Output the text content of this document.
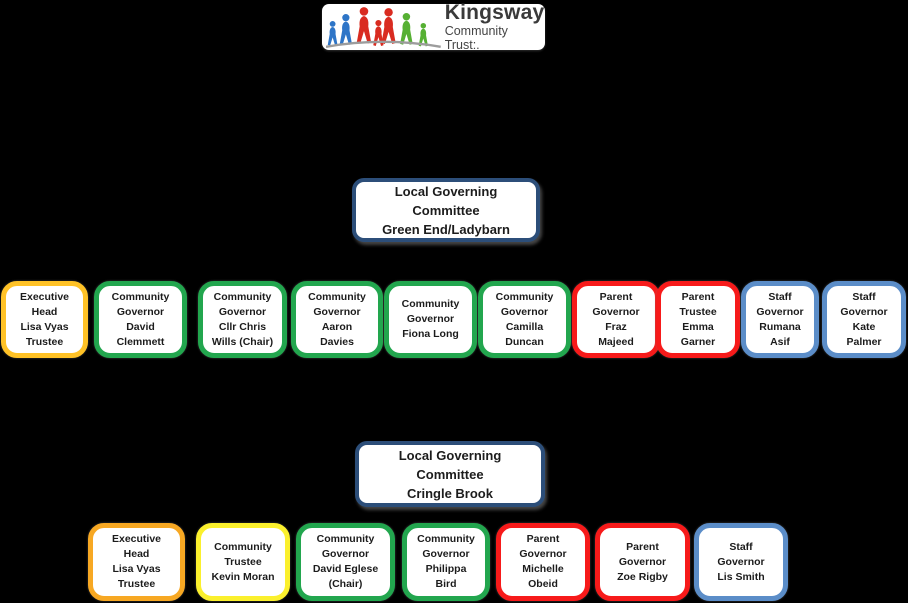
Kingsway
Community Trust:.
Local Governing
Committee
Green End/Ladybarn
Executive
Head
Lisa Vyas
Trustee
Community
Governor
David
Clemmett
Community
Governor
Cllr Chris
Wills (Chair)
Community
Governor
Aaron
Davies
Community
Governor
Fiona Long
Community
Governor
Camilla
Duncan
Parent
Governor
Fraz
Majeed
Parent
Trustee
Emma
Garner
Staff
Governor
Rumana
Asif
Staff
Governor
Kate
Palmer
Local Governing
Committee
Cringle Brook
Executive
Head
Lisa Vyas
Trustee
Community
Trustee
Kevin Moran
Community
Governor
David Eglese
(Chair)
Community
Governor
Philippa
Bird
Parent
Governor
Michelle
Obeid
Parent
Governor
Zoe Rigby
Staff
Governor
Lis Smith
